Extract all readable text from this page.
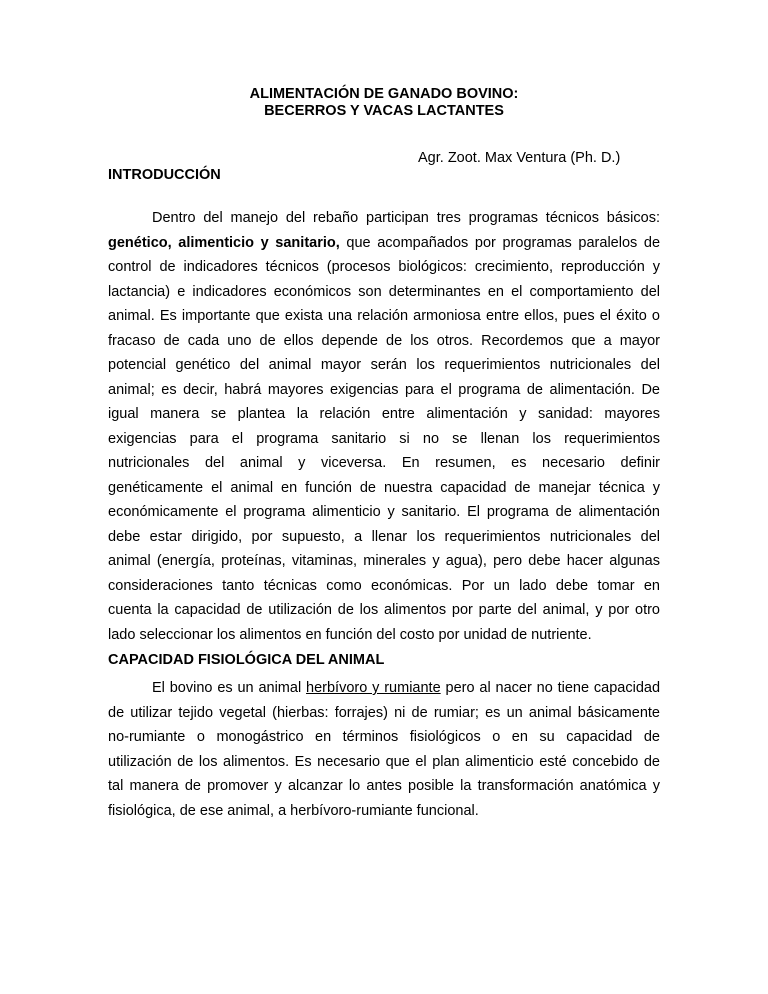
ALIMENTACIÓN DE GANADO BOVINO:
BECERROS Y VACAS LACTANTES
Agr. Zoot. Max Ventura (Ph. D.)
INTRODUCCIÓN
Dentro del manejo del rebaño participan tres programas técnicos básicos:
genético, alimenticio y sanitario, que acompañados por programas paralelos de
control de indicadores técnicos (procesos biológicos: crecimiento, reproducción y
lactancia) e indicadores económicos son determinantes en el comportamiento del
animal. Es importante que exista una relación armoniosa entre ellos, pues el éxito o
fracaso de cada uno de ellos depende de los otros. Recordemos que a mayor
potencial genético del animal mayor serán los requerimientos nutricionales del
animal; es decir, habrá mayores exigencias para el programa de alimentación. De
igual manera se plantea la relación entre alimentación y sanidad: mayores
exigencias para el programa sanitario si no se llenan los requerimientos
nutricionales del animal y viceversa. En resumen, es necesario definir
genéticamente el animal en función de nuestra capacidad de manejar técnica y
económicamente el programa alimenticio y sanitario. El programa de alimentación
debe estar dirigido, por supuesto, a llenar los requerimientos nutricionales del
animal (energía, proteínas, vitaminas, minerales y agua), pero debe hacer algunas
consideraciones tanto técnicas como económicas. Por un lado debe tomar en
cuenta la capacidad de utilización de los alimentos por parte del animal, y por otro
lado seleccionar los alimentos en función del costo por unidad de nutriente.
CAPACIDAD FISIOLÓGICA DEL ANIMAL
El bovino es un animal herbívoro y rumiante pero al nacer no tiene capacidad
de utilizar tejido vegetal (hierbas: forrajes) ni de rumiar; es un animal básicamente
no-rumiante o monogástrico en términos fisiológicos o en su capacidad de
utilización de los alimentos. Es necesario que el plan alimenticio esté concebido de
tal manera de promover y alcanzar lo antes posible la transformación anatómica y
fisiológica, de ese animal, a herbívoro-rumiante funcional.
